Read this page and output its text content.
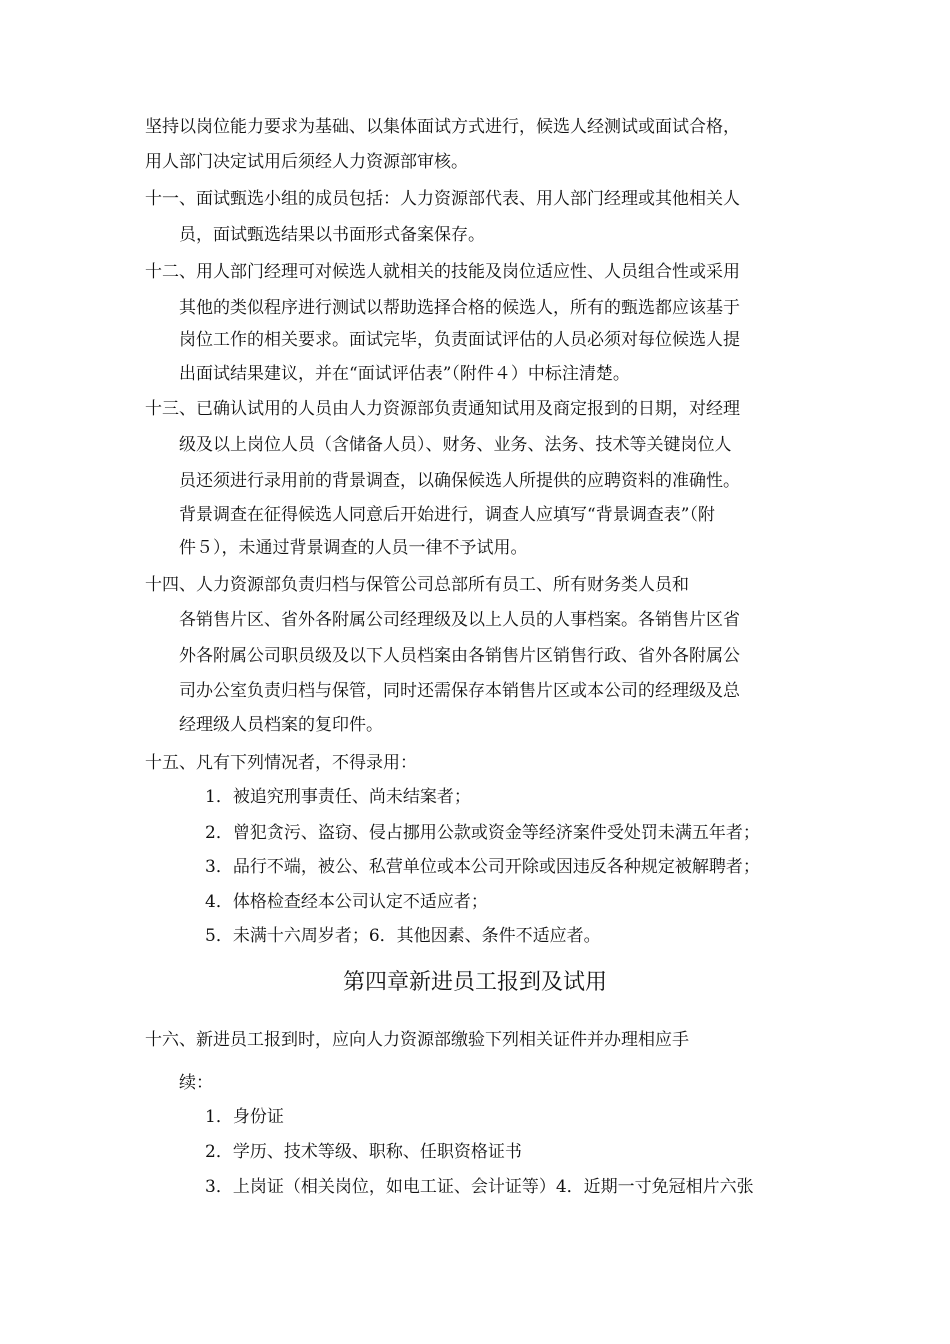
坚持以岗位能力要求为基础、以集体面试方式进行，候选人经测试或面试合格，
用人部门决定试用后须经人力资源部审核。
十一、面试甄选小组的成员包括：人力资源部代表、用人部门经理或其他相关人
员，面试甄选结果以书面形式备案保存。
十二、用人部门经理可对候选人就相关的技能及岗位适应性、人员组合性或采用
其他的类似程序进行测试以帮助选择合格的候选人，所有的甄选都应该基于
岗位工作的相关要求。面试完毕，负责面试评估的人员必须对每位候选人提
出面试结果建议，并在“面试评估表”（附件４）中标注清楚。
十三、已确认试用的人员由人力资源部负责通知试用及商定报到的日期，对经理
级及以上岗位人员（含储备人员）、财务、业务、法务、技术等关键岗位人
员还须进行录用前的背景调查，以确保候选人所提供的应聘资料的准确性。
背景调查在征得候选人同意后开始进行，调查人应填写“背景调查表”（附
件５），未通过背景调查的人员一律不予试用。
十四、人力资源部负责归档与保管公司总部所有员工、所有财务类人员和
各销售片区、省外各附属公司经理级及以上人员的人事档案。各销售片区省
外各附属公司职员级及以下人员档案由各销售片区销售行政、省外各附属公
司办公室负责归档与保管，同时还需保存本销售片区或本公司的经理级及总
经理级人员档案的复印件。
十五、凡有下列情况者，不得录用：
1．被追究刑事责任、尚未结案者；
2．曾犯贪污、盗窃、侵占挪用公款或资金等经济案件受处罚未满五年者；
3．品行不端，被公、私营单位或本公司开除或因违反各种规定被解聘者；
4．体格检查经本公司认定不适应者；
5．未满十六周岁者；6．其他因素、条件不适应者。
第四章新进员工报到及试用
十六、新进员工报到时，应向人力资源部缴验下列相关证件并办理相应手
续：
1．身份证
2．学历、技术等级、职称、任职资格证书
3．上岗证（相关岗位，如电工证、会计证等）4．近期一寸免冠相片六张
